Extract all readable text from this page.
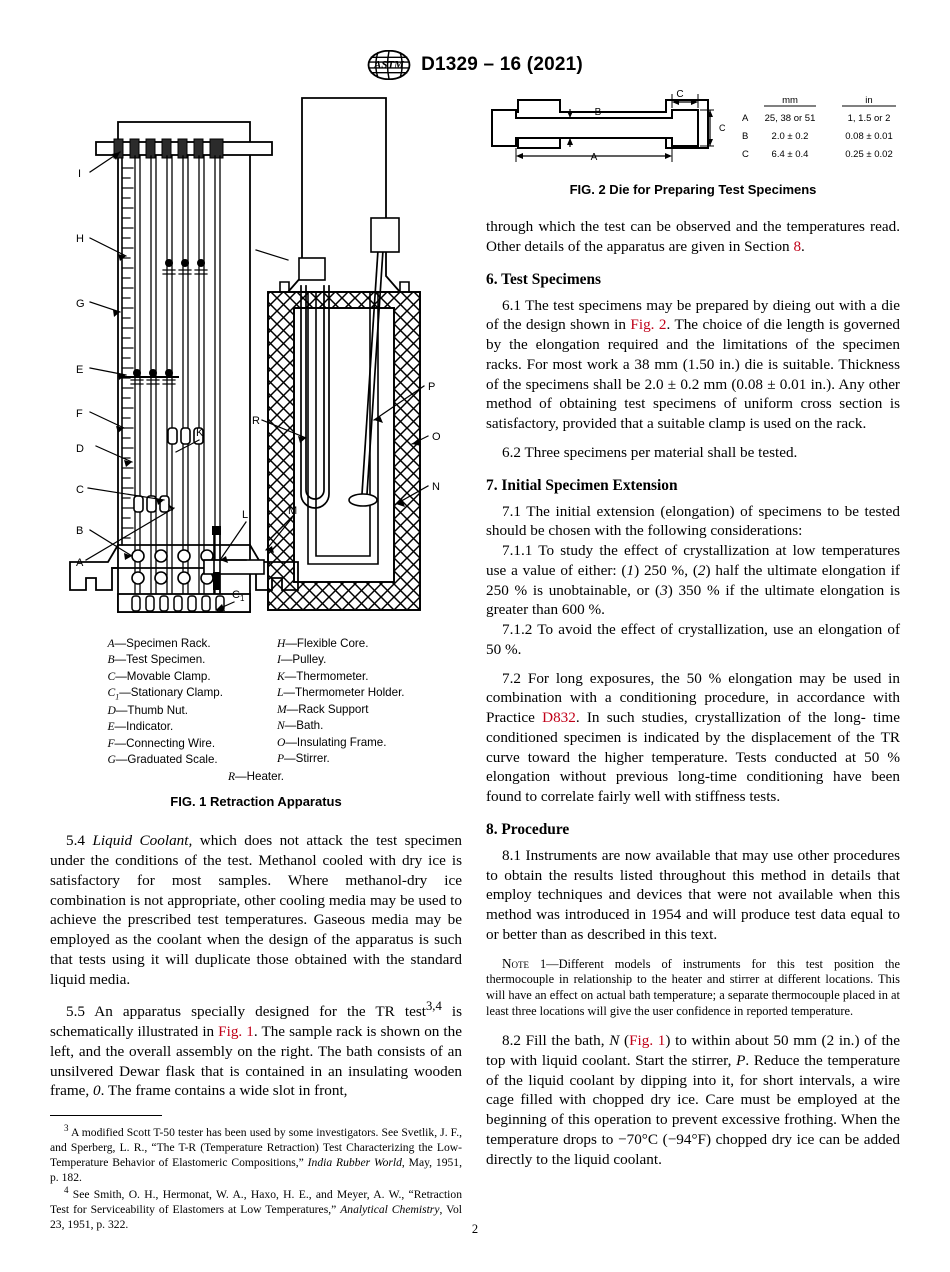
ASTM D1329 – 16 (2021)
I
H
G
E
F
D
L	M
C
B
A
$C_1$
K
R
P
O
N
A—Specimen Rack.
B—Test Specimen.
C—Movable Clamp.
$C_1—Stationary$ Clamp.
D—Thumb Nut.
E—Indicator.
F—Connecting Wire.
G—Graduated Scale.
H—Flexible Core.
I—Pulley.
K—Thermometer.
L—Thermometer Holder.
M—Rack Support
N—Bath.
O—Insulating Frame.
P—Stirrer.
R—Heater.
FIG. 1 Retraction Apparatus

5.4 Liquid Coolant, which does not attack the test specimen under the conditions of the test. Methanol cooled with dry ice is satisfactory for most samples. Where methanol-dry ice combination is not appropriate, other cooling media may be used to achieve the prescribed test temperatures. Gaseous media may be employed as the coolant when the design of the apparatus is such that tests using it will duplicate those obtained with the standard liquid media.

5.5 An apparatus specially designed for the TR test$^{3,4}$ is schematically illustrated in Fig. 1. The sample rack is shown on the left, and the overall assembly on the right. The bath consists of an unsilvered Dewar flask that is contained in an insulating wooden frame, 0. The frame contains a wide slot in front,

$^3$ A modified Scott T-50 tester has been used by some investigators. See Svetlik, J. F., and Sperberg, L. R., “The T-R (Temperature Retraction) Test Characterizing the Low-Temperature Behavior of Elastomeric Compositions,” India Rubber World, May, 1951, p. 182.

$^4$ See Smith, O. H., Hermonat, W. A., Haxo, H. E., and Meyer, A. W., “Retraction Test for Serviceability of Elastomers at Low Temperatures,” Analytical Chemistry, Vol 23, 1951, p. 322.

C
B
C
A
mm	in
A 25, 38 or 51	1, 1.5 or 2
B 2.0 ± 0.2	0.08 ± 0.01
C 6.4 ± 0.4	0.25 ± 0.02
FIG. 2 Die for Preparing Test Specimens

through which the test can be observed and the temperatures read. Other details of the apparatus are given in Section 8.

6. Test Specimens

6.1 The test specimens may be prepared by dieing out with a die of the design shown in Fig. 2. The choice of die length is governed by the elongation required and the limitations of the specimen racks. For most work a 38 mm (1.50 in.) die is suitable. Thickness of the specimens shall be 2.0 ± 0.2 mm (0.08 ± 0.01 in.). Any other method of obtaining test specimens of uniform cross section is satisfactory, provided that a suitable clamp is used on the rack.

6.2 Three specimens per material shall be tested.

7. Initial Specimen Extension

7.1 The initial extension (elongation) of specimens to be tested should be chosen with the following considerations:

7.1.1 To study the effect of crystallization at low temperatures use a value of either: (1) 250 %, (2) half the ultimate elongation if 250 % is unobtainable, or (3) 350 % if the ultimate elongation is greater than 600 %.

7.1.2 To avoid the effect of crystallization, use an elongation of 50 %.

7.2 For long exposures, the 50 % elongation may be used in combination with a conditioning procedure, in accordance with Practice D832. In such studies, crystallization of the long- time conditioned specimen is indicated by the displacement of the TR curve toward the higher temperature. Tests conducted at 50 % elongation without previous long-time conditioning have been found to correlate fairly well with stiffness tests.

8. Procedure

8.1 Instruments are now available that may use other procedures to obtain the results listed throughout this method in details that employ techniques and devices that were not available when this method was introduced in 1954 and will produce test data equal to or better than as described in this text.

Note 1—Different models of instruments for this test position the thermocouple in relationship to the heater and stirrer at different locations. This will have an effect on actual bath temperature; a separate thermocouple placed in at least three locations will give the user confidence in reported temperature.

8.2 Fill the bath, N (Fig. 1) to within about 50 mm (2 in.) of the top with liquid coolant. Start the stirrer, P. Reduce the temperature of the liquid coolant by dipping into it, for short intervals, a wire cage filled with chopped dry ice. Care must be employed at the beginning of this operation to prevent excessive frothing. When the temperature drops to −70°C (−94°F) chopped dry ice can be added directly to the liquid coolant.

2
